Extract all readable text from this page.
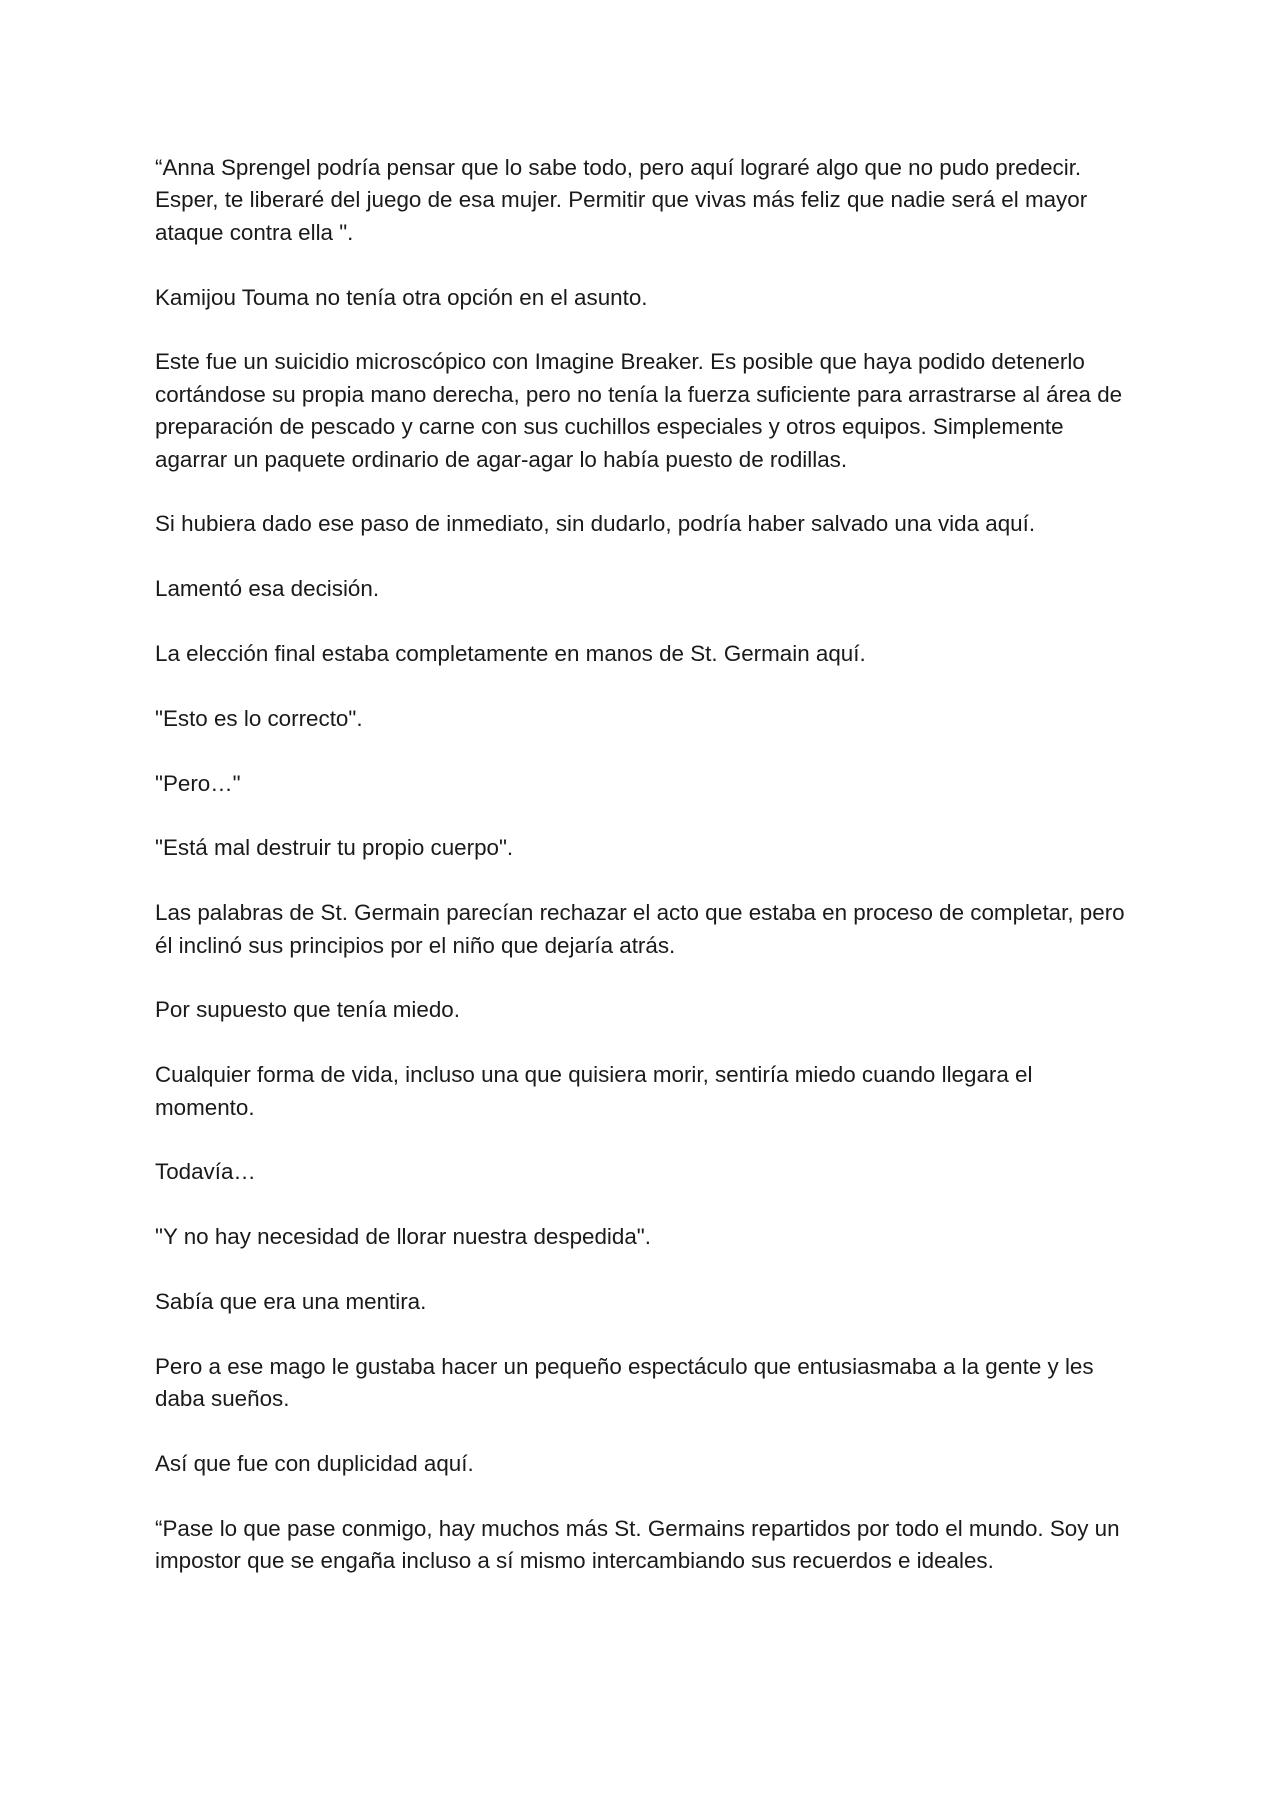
“Anna Sprengel podría pensar que lo sabe todo, pero aquí lograré algo que no pudo predecir. Esper, te liberaré del juego de esa mujer. Permitir que vivas más feliz que nadie será el mayor ataque contra ella ".

Kamijou Touma no tenía otra opción en el asunto.

Este fue un suicidio microscópico con Imagine Breaker. Es posible que haya podido detenerlo cortándose su propia mano derecha, pero no tenía la fuerza suficiente para arrastrarse al área de preparación de pescado y carne con sus cuchillos especiales y otros equipos. Simplemente agarrar un paquete ordinario de agar-agar lo había puesto de rodillas.

Si hubiera dado ese paso de inmediato, sin dudarlo, podría haber salvado una vida aquí.

Lamentó esa decisión.

La elección final estaba completamente en manos de St. Germain aquí.

"Esto es lo correcto".

"Pero…"

"Está mal destruir tu propio cuerpo".

Las palabras de St. Germain parecían rechazar el acto que estaba en proceso de completar, pero él inclinó sus principios por el niño que dejaría atrás.

Por supuesto que tenía miedo.

Cualquier forma de vida, incluso una que quisiera morir, sentiría miedo cuando llegara el momento.

Todavía…

"Y no hay necesidad de llorar nuestra despedida".

Sabía que era una mentira.

Pero a ese mago le gustaba hacer un pequeño espectáculo que entusiasmaba a la gente y les daba sueños.

Así que fue con duplicidad aquí.

“Pase lo que pase conmigo, hay muchos más St. Germains repartidos por todo el mundo. Soy un impostor que se engaña incluso a sí mismo intercambiando sus recuerdos e ideales.
